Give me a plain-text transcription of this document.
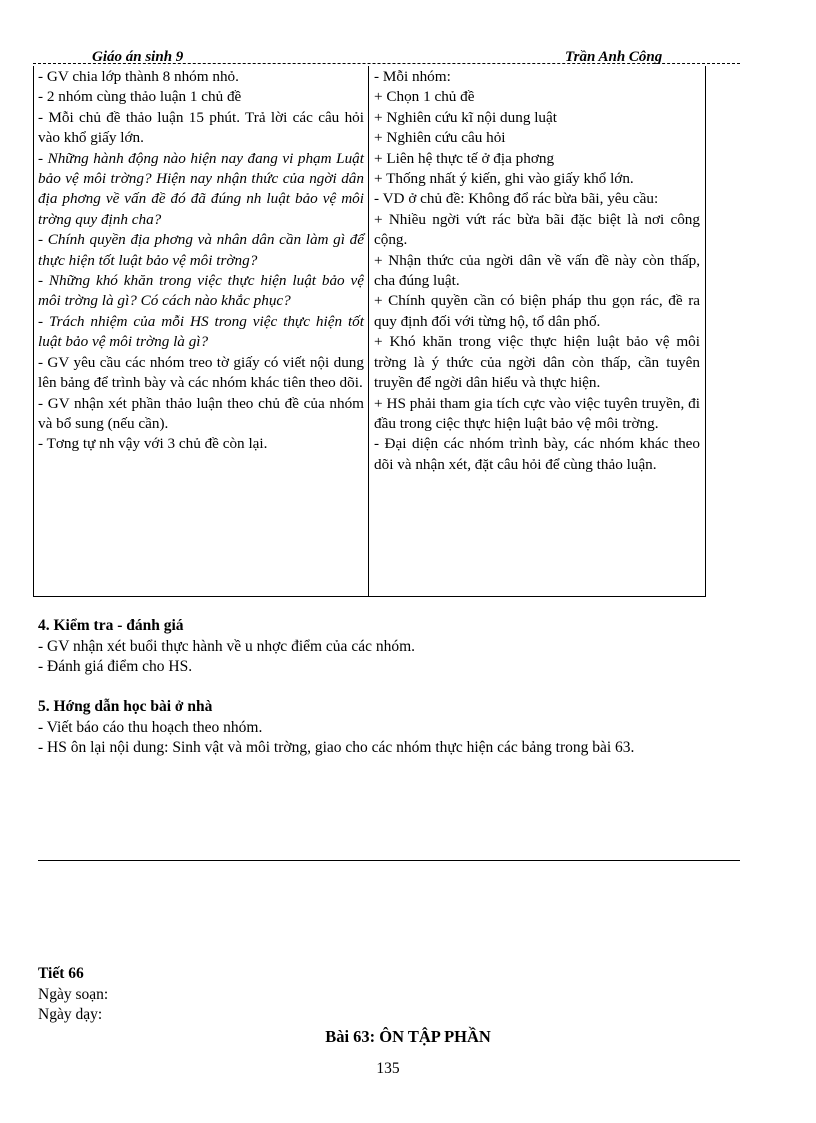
Giáo án sinh 9	Trần Anh Công
- GV chia lớp thành 8 nhóm nhỏ.
- 2 nhóm cùng thảo luận 1 chủ đề
- Mỗi chủ đề thảo luận 15 phút. Trả lời các câu hỏi vào khổ giấy lớn.
- Những hành động nào hiện nay đang vi phạm Luật bảo vệ môi trờng? Hiện nay nhận thức của ngời dân địa phơng về vấn đề đó đã đúng nh luật bảo vệ môi trờng quy định cha?
- Chính quyền địa phơng và nhân dân cần làm gì để thực hiện tốt luật bảo vệ môi trờng?
- Những khó khăn trong việc thực hiện luật bảo vệ môi trờng là gì? Có cách nào khắc phục?
- Trách nhiệm của mỗi HS trong việc thực hiện tốt luật bảo vệ môi trờng là gì?
- GV yêu cầu các nhóm treo tờ giấy có viết nội dung lên bảng để trình bày và các nhóm khác tiên theo dõi.
- GV nhận xét phần thảo luận theo chủ đề của nhóm và bổ sung (nếu cần).
- Tơng tự nh vậy với 3 chủ đề còn lại.
- Mỗi nhóm:
+ Chọn 1 chủ đề
+ Nghiên cứu kĩ nội dung luật
+ Nghiên cứu câu hỏi
+ Liên hệ thực tế ở địa phơng
+ Thống nhất ý kiến, ghi vào giấy khổ lớn.
- VD ở chủ đề: Không đổ rác bừa bãi, yêu cầu:
+ Nhiều ngời vứt rác bừa bãi đặc biệt là nơi công cộng.
+ Nhận thức của ngời dân về vấn đề này còn thấp, cha đúng luật.
+ Chính quyền cần có biện pháp thu gọn rác, đề ra quy định đối với từng hộ, tổ dân phố.
+ Khó khăn trong việc thực hiện luật bảo vệ môi trờng là ý thức của ngời dân còn thấp, cần tuyên truyền để ngời dân hiểu và thực hiện.
+ HS phải tham gia tích cực vào việc tuyên truyền, đi đầu trong ciệc thực hiện luật bảo vệ môi trờng.
- Đại diện các nhóm trình bày, các nhóm khác theo dõi và nhận xét, đặt câu hỏi để cùng thảo luận.
4. Kiểm tra - đánh giá
- GV nhận xét buổi thực hành về u nhợc điểm của các nhóm.
- Đánh giá điểm cho HS.
5. Hớng dẫn học bài ở nhà
- Viết báo cáo thu hoạch theo nhóm.
- HS ôn lại nội dung: Sinh vật và môi trờng, giao cho các nhóm thực hiện các bảng trong bài 63.
Tiết 66
Ngày soạn:
Ngày dạy:
Bài 63: ÔN TẬP PHẦN
135
